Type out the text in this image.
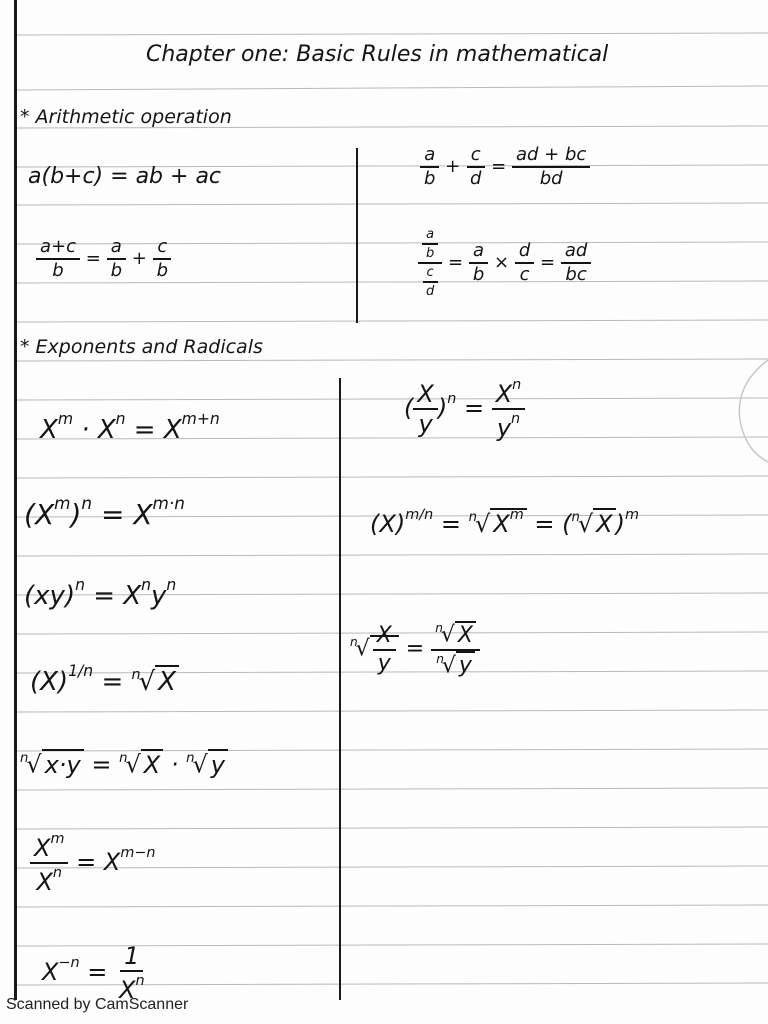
Chapter one: Basic Rules in mathematical
* Arithmetic operation
a(b+c) = ab + ac	$\frac{a}{b} + \frac{c}{d} = \frac{ad + bc}{bd}$
$\frac{a+c}{b} = \frac{a}{b} + \frac{c}{b}$	$\frac{\frac{a}{b}}{\frac{c}{d}} = \frac{a}{b} \times \frac{d}{c} = \frac{ad}{bc}$
* Exponents and Radicals
$X^m \cdot X^n = X^{m+n}$
$(X^m)^n = X^{m\cdot n}$
$(xy)^n = X^ny^n$
$(X)^{1/n} = ^n√$ X
$^n$√ x·y = $^n$√ X · $^n$√ y
$\frac{X^m}{X^n} = X^{m-n}$
$X^{-n} = \frac{1}{X^n}$
( $\frac{X}{y} )^n = \frac{X^n}{y^n}$
$(X)^{m/n} = ^n√$ $X^m = (^n√$ X )$^m$
$^n√ \frac{X}{y} = \frac{^n√ X}{^n√ y}$
Scanned by CamScanner
